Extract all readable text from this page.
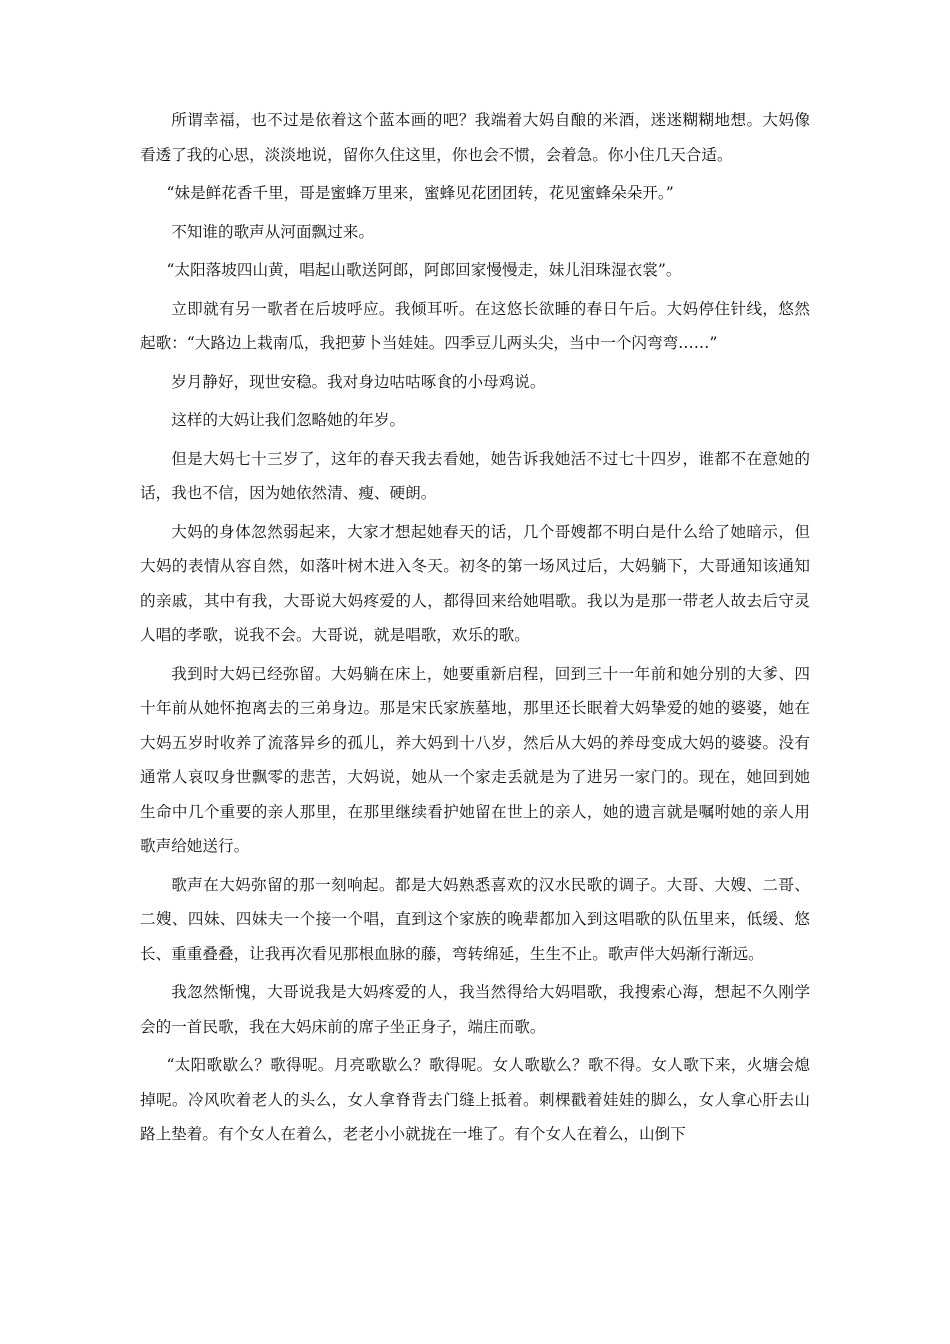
所谓幸福，也不过是依着这个蓝本画的吧？我端着大妈自酿的米酒，迷迷糊糊地想。大妈像看透了我的心思，淡淡地说，留你久住这里，你也会不惯，会着急。你小住几天合适。

“妹是鲜花香千里，哥是蜜蜂万里来，蜜蜂见花团团转，花见蜜蜂朵朵开。”

不知谁的歌声从河面飘过来。

“太阳落坡四山黄，唱起山歌送阿郎，阿郎回家慢慢走，妹儿泪珠湿衣裳”。

立即就有另一歌者在后坡呼应。我倾耳听。在这悠长欲睡的春日午后。大妈停住针线，悠然起歌：“大路边上栽南瓜，我把萝卜当娃娃。四季豆儿两头尖，当中一个闪弯弯……”

岁月静好，现世安稳。我对身边咕咕啄食的小母鸡说。

这样的大妈让我们忽略她的年岁。

但是大妈七十三岁了，这年的春天我去看她，她告诉我她活不过七十四岁，谁都不在意她的话，我也不信，因为她依然清、瘦、硬朗。

大妈的身体忽然弱起来，大家才想起她春天的话，几个哥嫂都不明白是什么给了她暗示，但大妈的表情从容自然，如落叶树木进入冬天。初冬的第一场风过后，大妈躺下，大哥通知该通知的亲戚，其中有我，大哥说大妈疼爱的人，都得回来给她唱歌。我以为是那一带老人故去后守灵人唱的孝歌，说我不会。大哥说，就是唱歌，欢乐的歌。

我到时大妈已经弥留。大妈躺在床上，她要重新启程，回到三十一年前和她分别的大爹、四十年前从她怀抱离去的三弟身边。那是宋氏家族墓地，那里还长眠着大妈挚爱的她的婆婆，她在大妈五岁时收养了流落异乡的孤儿，养大妈到十八岁，然后从大妈的养母变成大妈的婆婆。没有通常人哀叹身世飘零的悲苦，大妈说，她从一个家走丢就是为了进另一家门的。现在，她回到她生命中几个重要的亲人那里，在那里继续看护她留在世上的亲人，她的遗言就是嘱咐她的亲人用歌声给她送行。

歌声在大妈弥留的那一刻响起。都是大妈熟悉喜欢的汉水民歌的调子。大哥、大嫂、二哥、二嫂、四妹、四妹夫一个接一个唱，直到这个家族的晚辈都加入到这唱歌的队伍里来，低缓、悠长、重重叠叠，让我再次看见那根血脉的藤，弯转绵延，生生不止。歌声伴大妈渐行渐远。

我忽然惭愧，大哥说我是大妈疼爱的人，我当然得给大妈唱歌，我搜索心海，想起不久刚学会的一首民歌，我在大妈床前的席子坐正身子，端庄而歌。

“太阳歌歇么？歌得呢。月亮歌歇么？歌得呢。女人歌歇么？歌不得。女人歌下来，火塘会熄掉呢。冷风吹着老人的头么，女人拿脊背去门缝上抵着。刺棵戳着娃娃的脚么，女人拿心肝去山路上垫着。有个女人在着么，老老小小就拢在一堆了。有个女人在着么，山倒下
